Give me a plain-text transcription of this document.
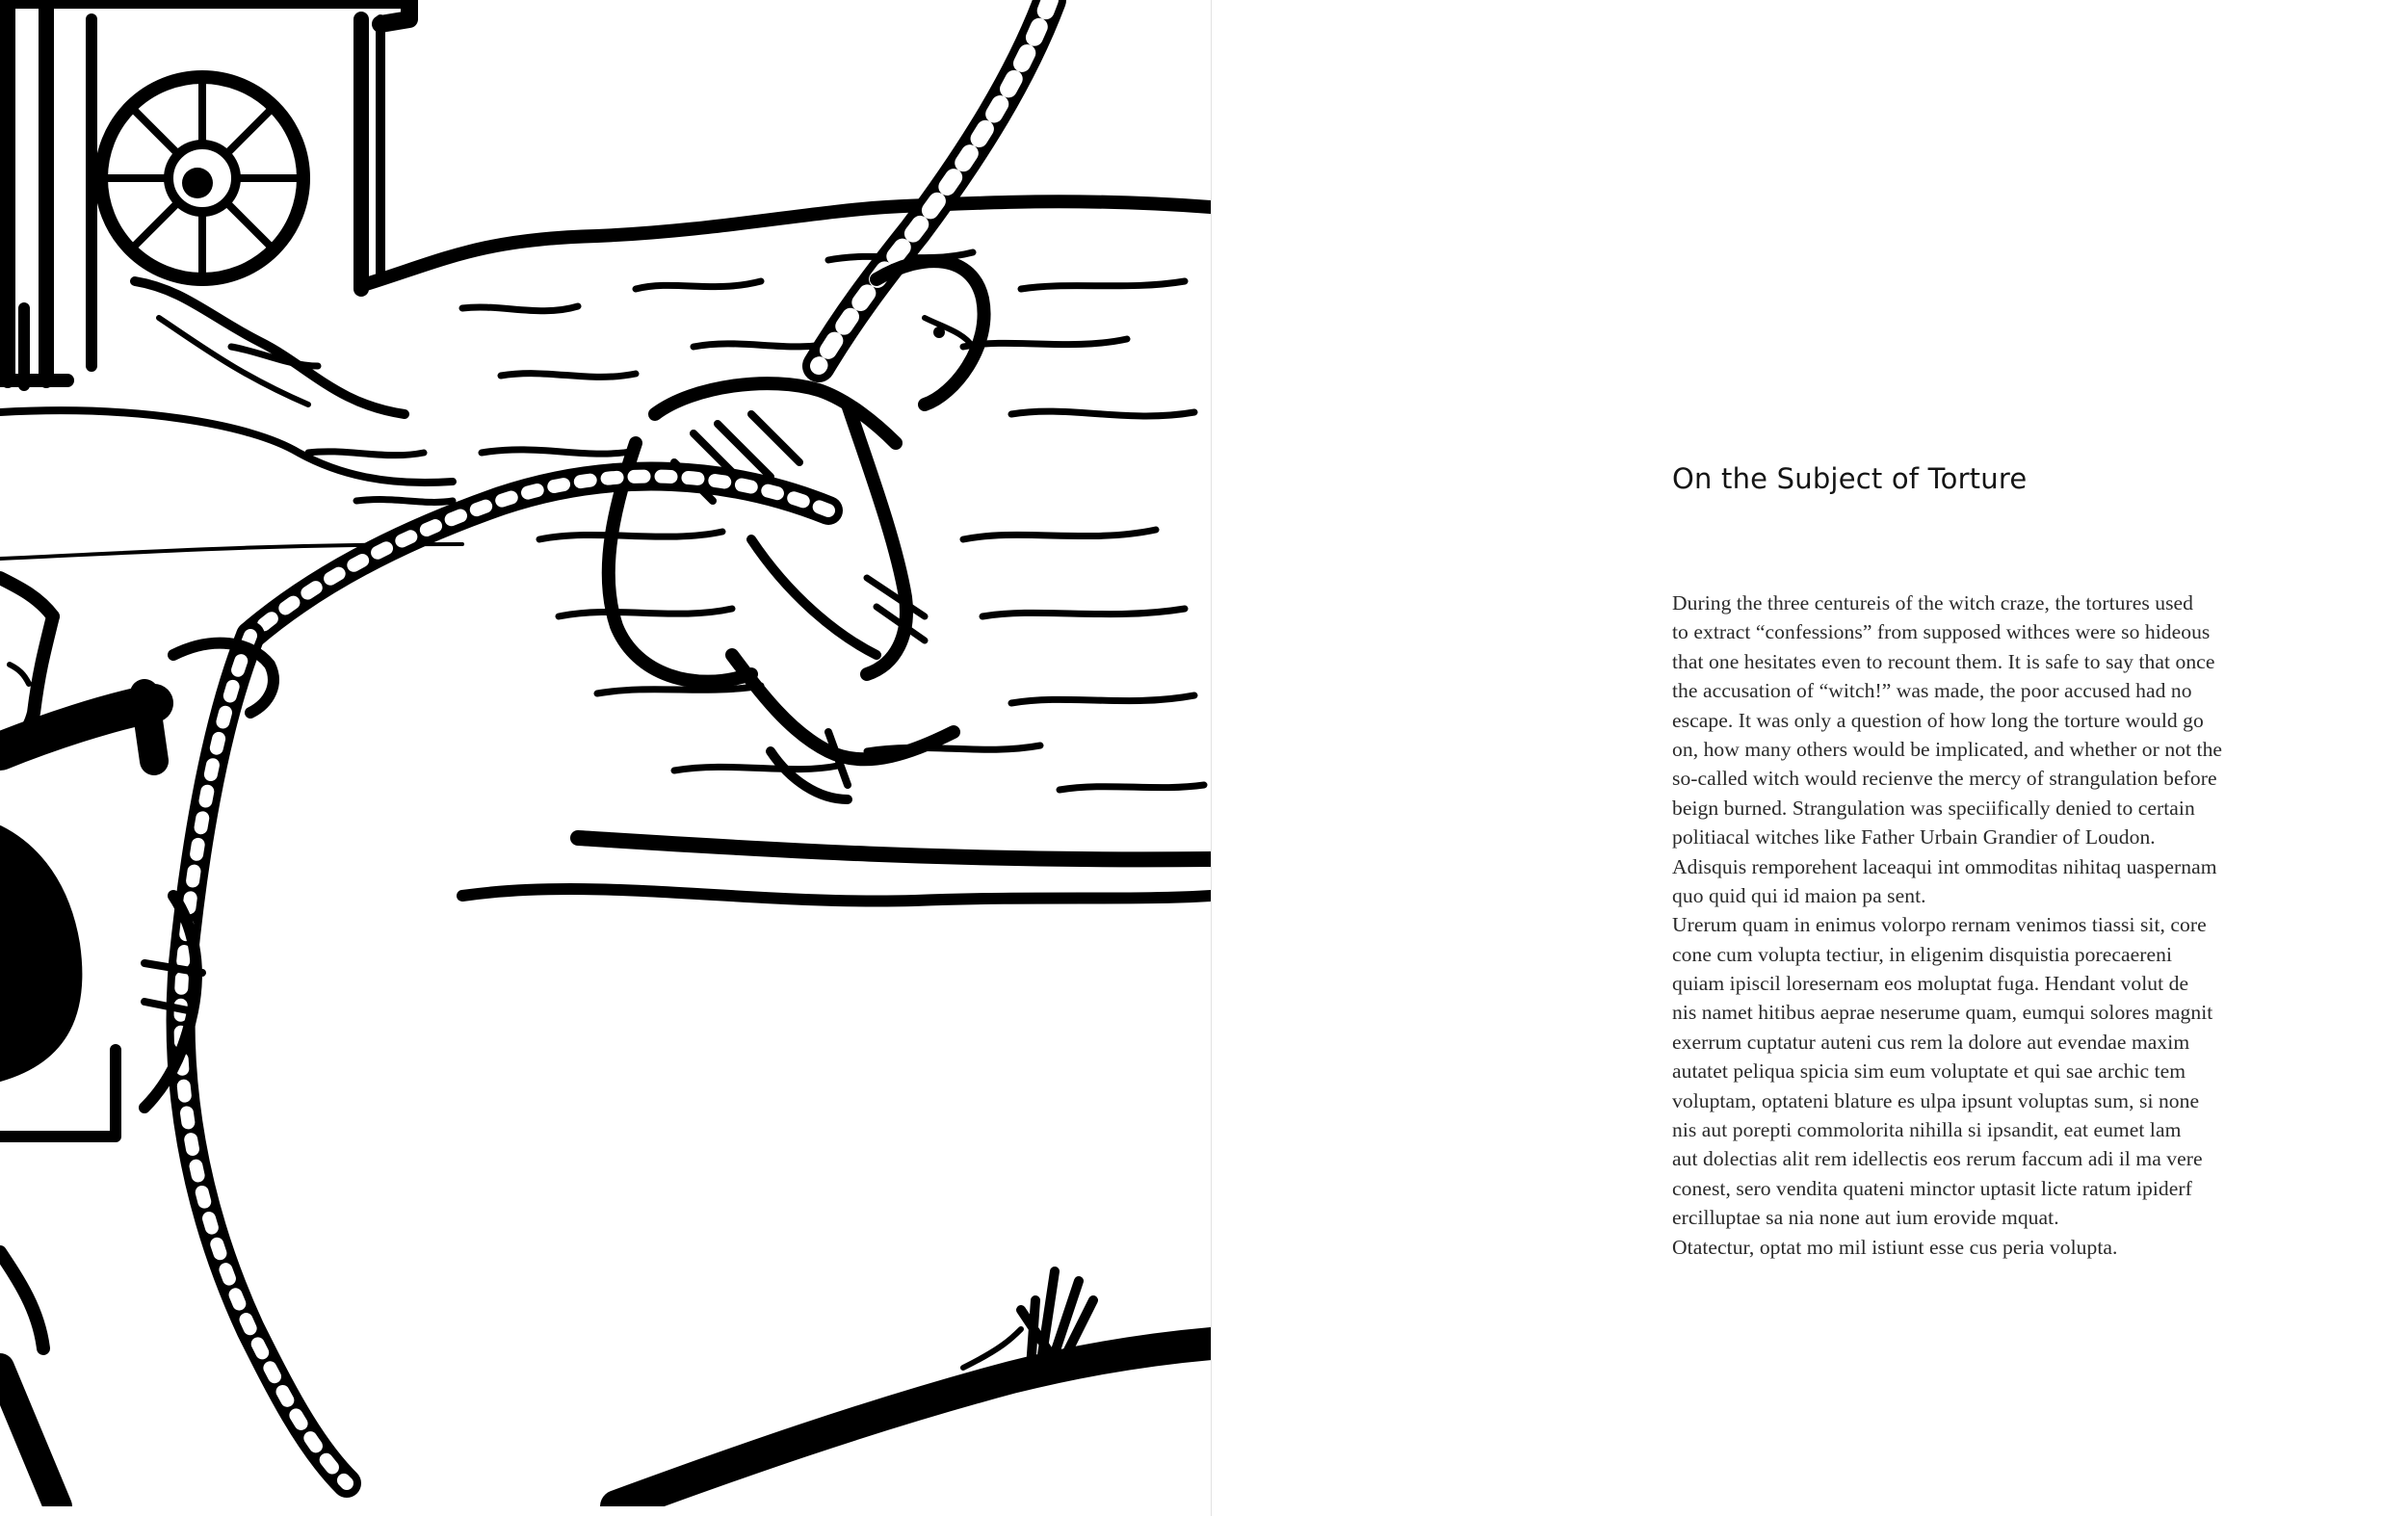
On the Subject of Torture
During the three centureis of the witch craze, the tortures used
to extract “confessions” from supposed withces were so hideous
that one hesitates even to recount them. It is safe to say that once
the accusation of “witch!” was made, the poor accused had no
escape. It was only a question of how long the torture would go
on, how many others would be implicated, and whether or not the
so-called witch would recienve the mercy of strangulation before
beign burned. Strangulation was speciifically denied to certain
politiacal witches like Father Urbain Grandier of Loudon.
Adisquis remporehent laceaqui int ommoditas nihitaq uaspernam
quo quid qui id maion pa sent.
Urerum quam in enimus volorpo rernam venimos tiassi sit, core
cone cum volupta tectiur, in eligenim disquistia porecaereni
quiam ipiscil loresernam eos moluptat fuga. Hendant volut de
nis namet hitibus aeprae neserume quam, eumqui solores magnit
exerrum cuptatur auteni cus rem la dolore aut evendae maxim
autatet peliqua spicia sim eum voluptate et qui sae archic tem
voluptam, optateni blature es ulpa ipsunt voluptas sum, si none
nis aut porepti commolorita nihilla si ipsandit, eat eumet lam
aut dolectias alit rem idellectis eos rerum faccum adi il ma vere
conest, sero vendita quateni minctor uptasit licte ratum ipiderf
ercilluptae sa nia none aut ium erovide mquat.
Otatectur, optat mo mil istiunt esse cus peria volupta.
